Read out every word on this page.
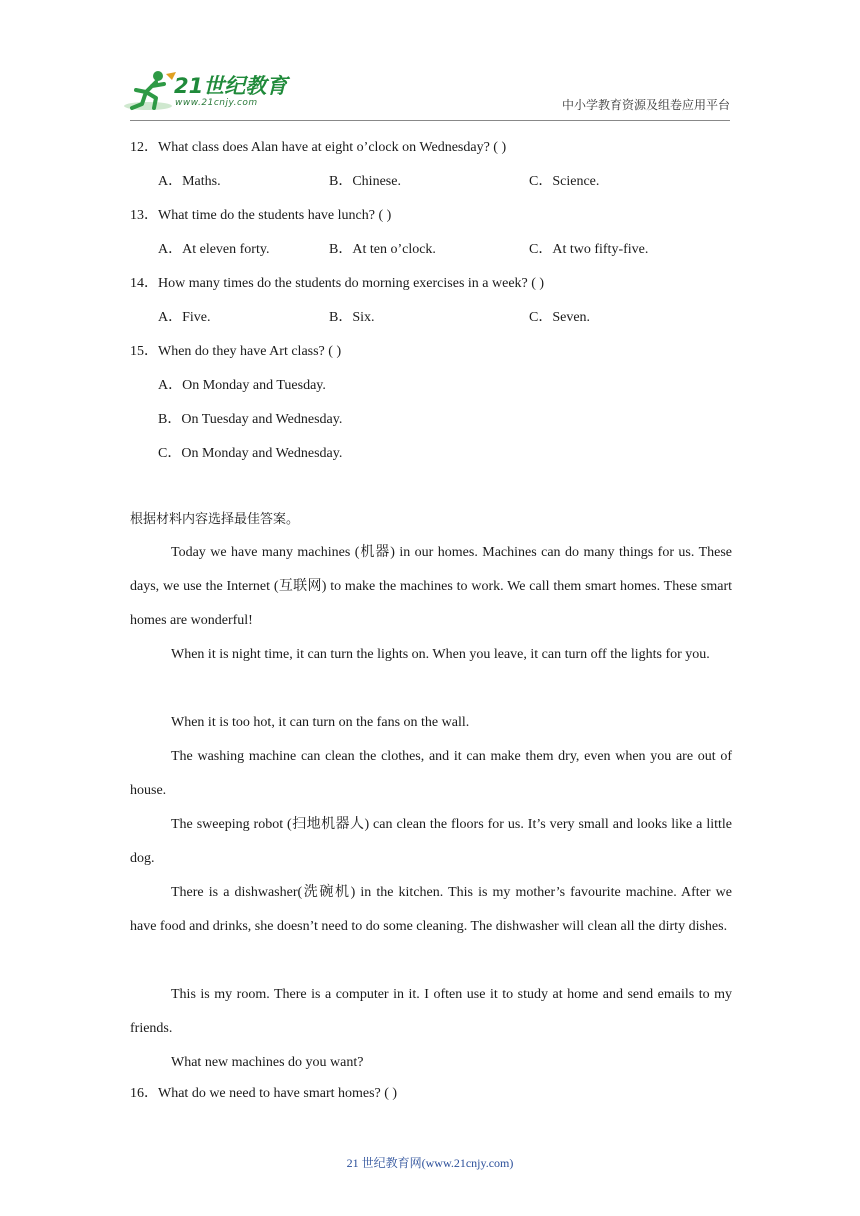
21世纪教育
www.21cnjy.com	中小学教育资源及组卷应用平台
12．What class does Alan have at eight o’clock on Wednesday? ( )
A．Maths.	B．Chinese.	C．Science.
13．What time do the students have lunch? ( )
A．At eleven forty.	B．At ten o’clock.	C．At two fifty-five.
14．How many times do the students do morning exercises in a week? ( )
A．Five.	B．Six.	C．Seven.
15．When do they have Art class? ( )
A．On Monday and Tuesday.
B．On Tuesday and Wednesday.
C．On Monday and Wednesday.
根据材料内容选择最佳答案。
Today we have many machines (机器) in our homes. Machines can do many things for us. These days, we use the Internet (互联网) to make the machines to work. We call them smart homes. These smart homes are wonderful!
When it is night time, it can turn the lights on. When you leave, it can turn off the lights for you.
When it is too hot, it can turn on the fans on the wall.
The washing machine can clean the clothes, and it can make them dry, even when you are out of house.
The sweeping robot (扫地机器人) can clean the floors for us. It’s very small and looks like a little dog.
There is a dishwasher(洗碗机) in the kitchen. This is my mother’s favourite machine. After we have food and drinks, she doesn’t need to do some cleaning. The dishwasher will clean all the dirty dishes.
This is my room. There is a computer in it. I often use it to study at home and send emails to my friends.
What new machines do you want?
16．What do we need to have smart homes? ( )
21 世纪教育网(www.21cnjy.com)
